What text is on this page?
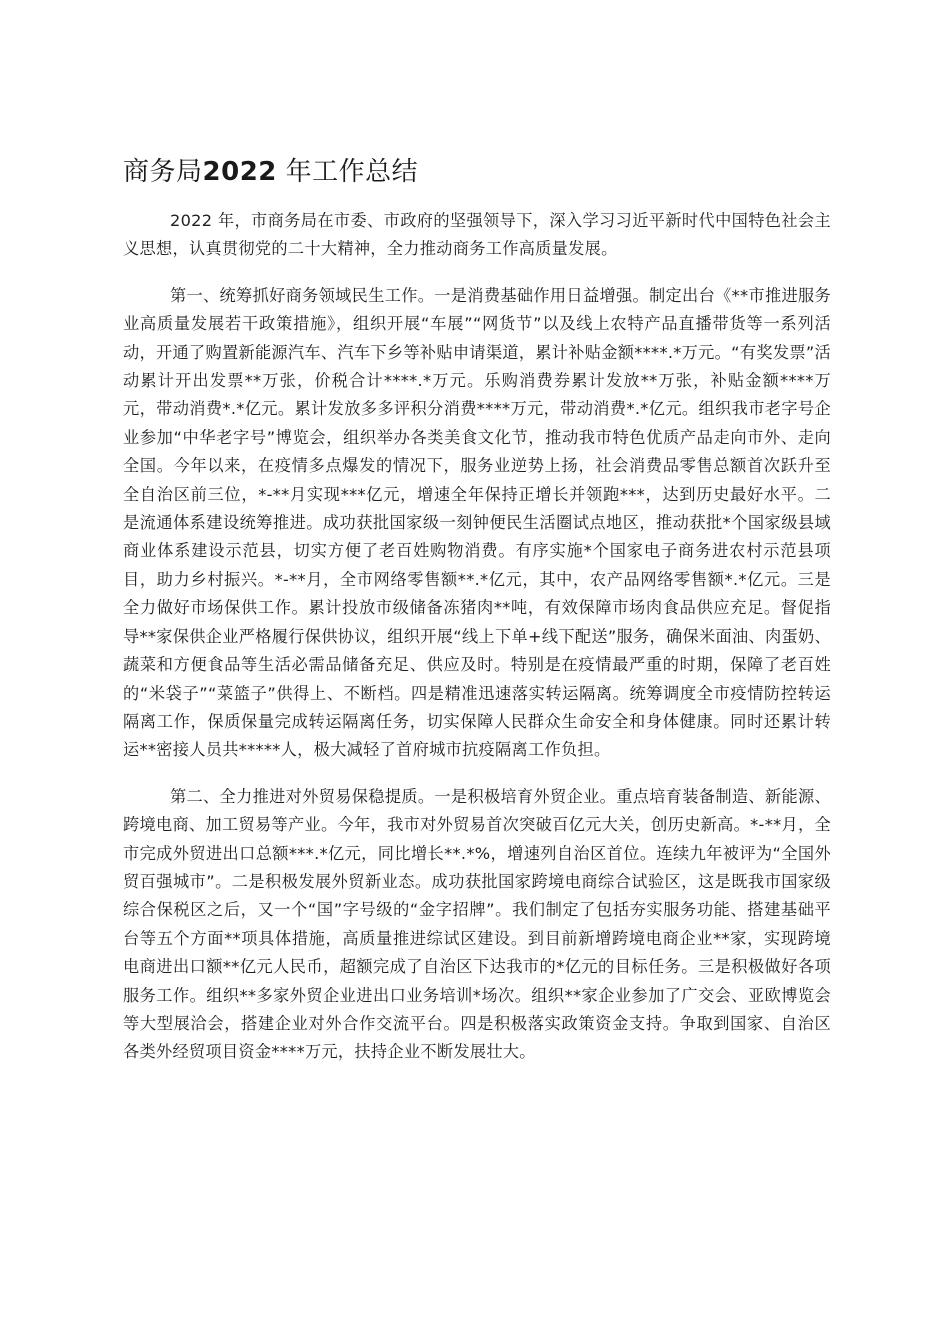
商务局2022 年工作总结

2022 年，市商务局在市委、市政府的坚强领导下，深入学习习近平新时代中国特色社会主义思想，认真贯彻党的二十大精神，全力推动商务工作高质量发展。

第一、统筹抓好商务领域民生工作。一是消费基础作用日益增强。制定出台《**市推进服务业高质量发展若干政策措施》，组织开展“车展”“网货节”以及线上农特产品直播带货等一系列活动，开通了购置新能源汽车、汽车下乡等补贴申请渠道，累计补贴金额****.*万元。“有奖发票”活动累计开出发票**万张，价税合计****.*万元。乐购消费券累计发放**万张，补贴金额****万元，带动消费*.*亿元。累计发放多多评积分消费****万元，带动消费*.*亿元。组织我市老字号企业参加“中华老字号”博览会，组织举办各类美食文化节，推动我市特色优质产品走向市外、走向全国。今年以来，在疫情多点爆发的情况下，服务业逆势上扬，社会消费品零售总额首次跃升至全自治区前三位，*-**月实现***亿元，增速全年保持正增长并领跑***，达到历史最好水平。二是流通体系建设统筹推进。成功获批国家级一刻钟便民生活圈试点地区，推动获批*个国家级县域商业体系建设示范县，切实方便了老百姓购物消费。有序实施*个国家电子商务进农村示范县项目，助力乡村振兴。*-**月，全市网络零售额**.*亿元，其中，农产品网络零售额*.*亿元。三是全力做好市场保供工作。累计投放市级储备冻猪肉**吨，有效保障市场肉食品供应充足。督促指导**家保供企业严格履行保供协议，组织开展“线上下单+线下配送”服务，确保米面油、肉蛋奶、蔬菜和方便食品等生活必需品储备充足、供应及时。特别是在疫情最严重的时期，保障了老百姓的“米袋子”“菜篮子”供得上、不断档。四是精准迅速落实转运隔离。统筹调度全市疫情防控转运隔离工作，保质保量完成转运隔离任务，切实保障人民群众生命安全和身体健康。同时还累计转运**密接人员共*****人，极大减轻了首府城市抗疫隔离工作负担。

第二、全力推进对外贸易保稳提质。一是积极培育外贸企业。重点培育装备制造、新能源、跨境电商、加工贸易等产业。今年，我市对外贸易首次突破百亿元大关，创历史新高。*-**月，全市完成外贸进出口总额***.*亿元，同比增长**.*%，增速列自治区首位。连续九年被评为“全国外贸百强城市”。二是积极发展外贸新业态。成功获批国家跨境电商综合试验区，这是既我市国家级综合保税区之后，又一个“国”字号级的“金字招牌”。我们制定了包括夯实服务功能、搭建基础平台等五个方面**项具体措施，高质量推进综试区建设。到目前新增跨境电商企业**家，实现跨境电商进出口额**亿元人民币，超额完成了自治区下达我市的*亿元的目标任务。三是积极做好各项服务工作。组织**多家外贸企业进出口业务培训*场次。组织**家企业参加了广交会、亚欧博览会等大型展洽会，搭建企业对外合作交流平台。四是积极落实政策资金支持。争取到国家、自治区各类外经贸项目资金****万元，扶持企业不断发展壮大。
